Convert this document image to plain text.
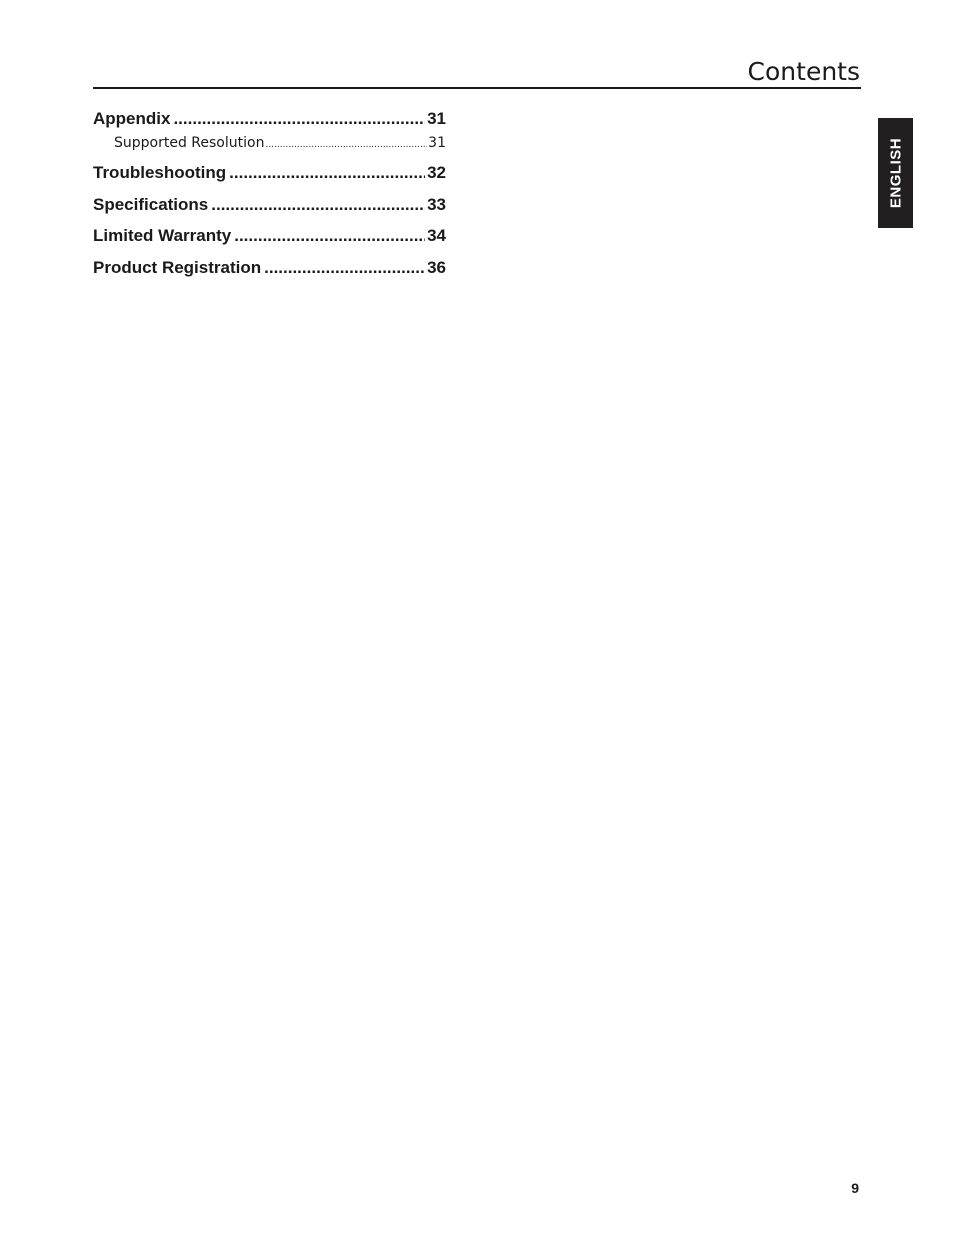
Contents
Appendix .....	31
Supported Resolution .....	31
Troubleshooting .....	32
Specifications .....	33
Limited Warranty .....	34
Product Registration .....	36
ENGLISH
9
